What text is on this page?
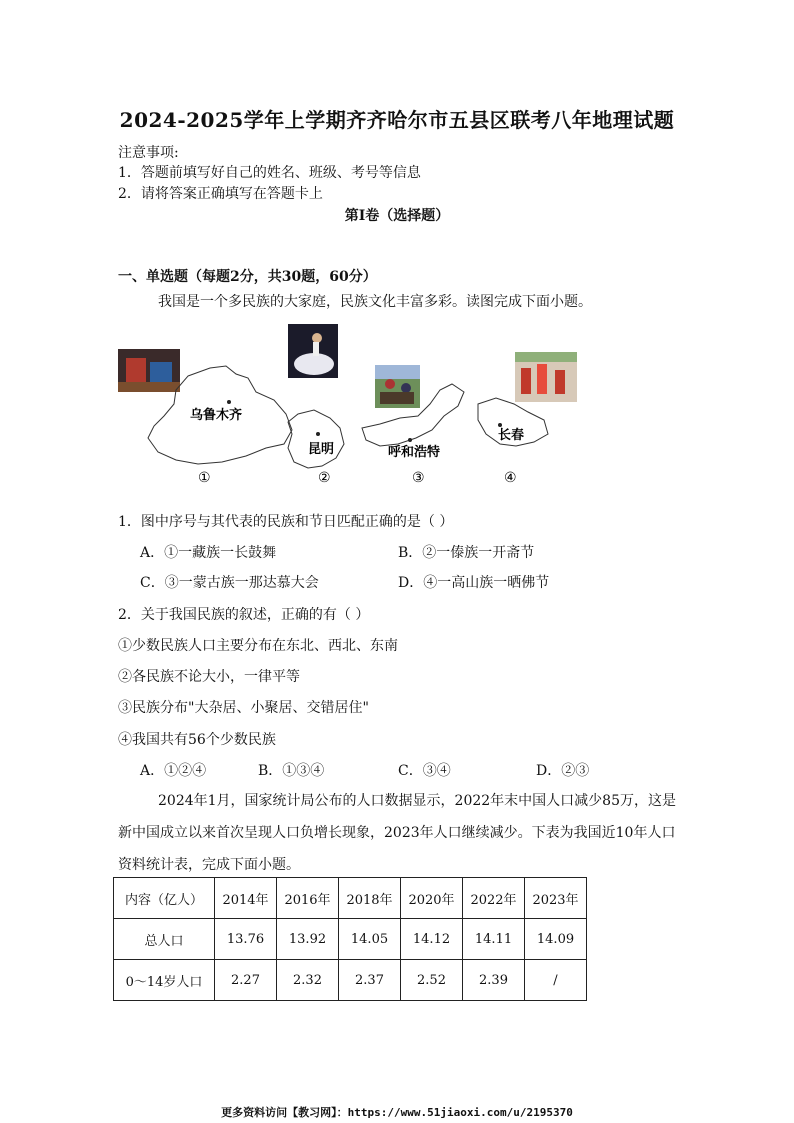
2024-2025学年上学期齐齐哈尔市五县区联考八年地理试题
注意事项:
1．答题前填写好自己的姓名、班级、考号等信息
2．请将答案正确填写在答题卡上
第Ⅰ卷（选择题）
一、单选题（每题2分，共30题，60分）
我国是一个多民族的大家庭，民族文化丰富多彩。读图完成下面小题。
乌鲁木齐
昆明	呼和浩特
长春
①	②	③	④
1．图中序号与其代表的民族和节日匹配正确的是（ ）
A．①一藏族一长鼓舞	B．②一傣族一开斋节
C．③一蒙古族一那达慕大会	D．④一高山族一晒佛节
2．关于我国民族的叙述，正确的有（ ）
①少数民族人口主要分布在东北、西北、东南
②各民族不论大小，一律平等
③民族分布"大杂居、小聚居、交错居住"
④我国共有56个少数民族
A．①②④	B．①③④	C．③④	D．②③
2024年1月，国家统计局公布的人口数据显示，2022年末中国人口减少85万，这是
新中国成立以来首次呈现人口负增长现象，2023年人口继续减少。下表为我国近10年人口
资料统计表，完成下面小题。
内容（亿人）	2014年	2016年	2018年	2020年	2022年	2023年
总人口	13.76	13.92	14.05	14.12	14.11	14.09
0～14岁人口	2.27	2.32	2.37	2.52	2.39	/
更多资料访问【教习网】：https://www.51jiaoxi.com/u/2195370
